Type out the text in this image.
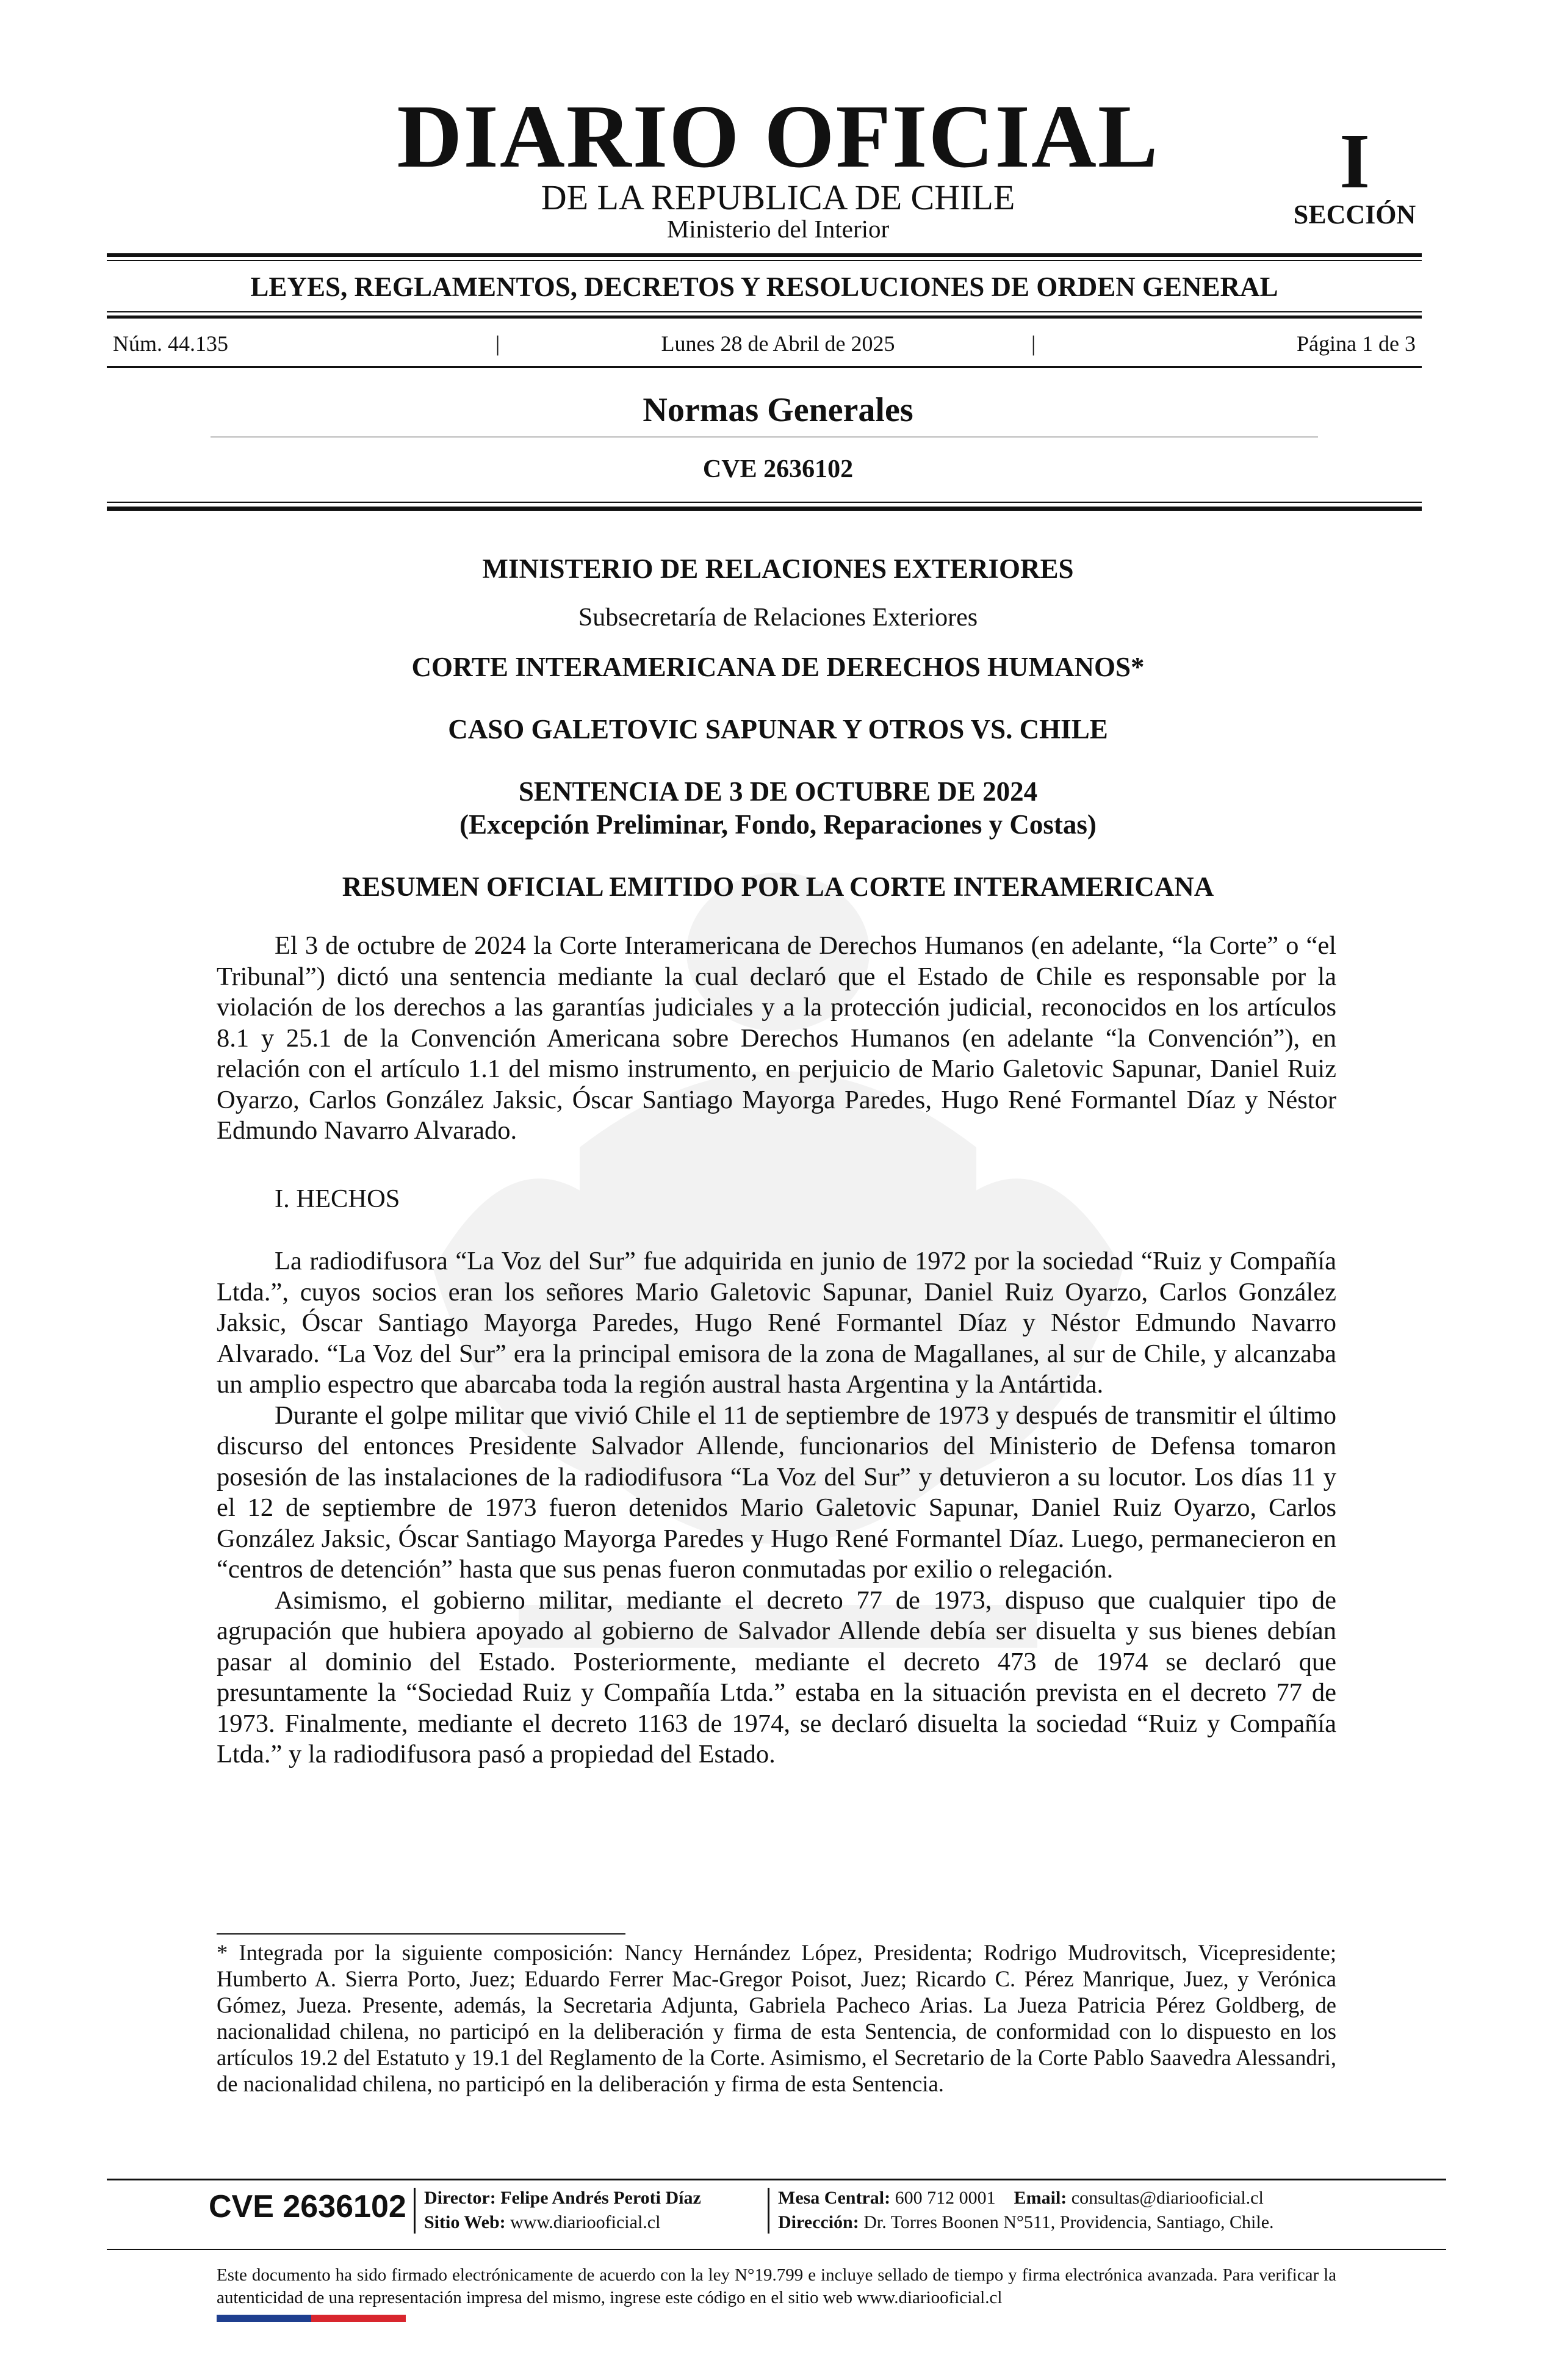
DIARIO OFICIAL
DE LA REPUBLICA DE CHILE
Ministerio del Interior
I
SECCIÓN
LEYES, REGLAMENTOS, DECRETOS Y RESOLUCIONES DE ORDEN GENERAL
Núm. 44.135	|	Lunes 28 de Abril de 2025	|	Página 1 de 3
Normas Generales
CVE 2636102
MINISTERIO DE RELACIONES EXTERIORES
Subsecretaría de Relaciones Exteriores
CORTE INTERAMERICANA DE DERECHOS HUMANOS*
CASO GALETOVIC SAPUNAR Y OTROS VS. CHILE
SENTENCIA DE 3 DE OCTUBRE DE 2024
(Excepción Preliminar, Fondo, Reparaciones y Costas)
RESUMEN OFICIAL EMITIDO POR LA CORTE INTERAMERICANA

El 3 de octubre de 2024 la Corte Interamericana de Derechos Humanos (en adelante, “la Corte” o “el Tribunal”) dictó una sentencia mediante la cual declaró que el Estado de Chile es responsable por la violación de los derechos a las garantías judiciales y a la protección judicial, reconocidos en los artículos 8.1 y 25.1 de la Convención Americana sobre Derechos Humanos (en adelante “la Convención”), en relación con el artículo 1.1 del mismo instrumento, en perjuicio de Mario Galetovic Sapunar, Daniel Ruiz Oyarzo, Carlos González Jaksic, Óscar Santiago Mayorga Paredes, Hugo René Formantel Díaz y Néstor Edmundo Navarro Alvarado.

I. HECHOS

La radiodifusora “La Voz del Sur” fue adquirida en junio de 1972 por la sociedad “Ruiz y Compañía Ltda.”, cuyos socios eran los señores Mario Galetovic Sapunar, Daniel Ruiz Oyarzo, Carlos González Jaksic, Óscar Santiago Mayorga Paredes, Hugo René Formantel Díaz y Néstor Edmundo Navarro Alvarado. “La Voz del Sur” era la principal emisora de la zona de Magallanes, al sur de Chile, y alcanzaba un amplio espectro que abarcaba toda la región austral hasta Argentina y la Antártida.

Durante el golpe militar que vivió Chile el 11 de septiembre de 1973 y después de transmitir el último discurso del entonces Presidente Salvador Allende, funcionarios del Ministerio de Defensa tomaron posesión de las instalaciones de la radiodifusora “La Voz del Sur” y detuvieron a su locutor. Los días 11 y el 12 de septiembre de 1973 fueron detenidos Mario Galetovic Sapunar, Daniel Ruiz Oyarzo, Carlos González Jaksic, Óscar Santiago Mayorga Paredes y Hugo René Formantel Díaz. Luego, permanecieron en “centros de detención” hasta que sus penas fueron conmutadas por exilio o relegación.

Asimismo, el gobierno militar, mediante el decreto 77 de 1973, dispuso que cualquier tipo de agrupación que hubiera apoyado al gobierno de Salvador Allende debía ser disuelta y sus bienes debían pasar al dominio del Estado. Posteriormente, mediante el decreto 473 de 1974 se declaró que presuntamente la “Sociedad Ruiz y Compañía Ltda.” estaba en la situación prevista en el decreto 77 de 1973. Finalmente, mediante el decreto 1163 de 1974, se declaró disuelta la sociedad “Ruiz y Compañía Ltda.” y la radiodifusora pasó a propiedad del Estado.

* Integrada por la siguiente composición: Nancy Hernández López, Presidenta; Rodrigo Mudrovitsch, Vicepresidente; Humberto A. Sierra Porto, Juez; Eduardo Ferrer Mac-Gregor Poisot, Juez; Ricardo C. Pérez Manrique, Juez, y Verónica Gómez, Jueza. Presente, además, la Secretaria Adjunta, Gabriela Pacheco Arias. La Jueza Patricia Pérez Goldberg, de nacionalidad chilena, no participó en la deliberación y firma de esta Sentencia, de conformidad con lo dispuesto en los artículos 19.2 del Estatuto y 19.1 del Reglamento de la Corte. Asimismo, el Secretario de la Corte Pablo Saavedra Alessandri, de nacionalidad chilena, no participó en la deliberación y firma de esta Sentencia.
CVE 2636102 Director: Felipe Andrés Peroti Díaz
Sitio Web: www.diariooficial.cl
Mesa Central: 600 712 0001 Email: consultas@diariooficial.cl
Dirección: Dr. Torres Boonen N°511, Providencia, Santiago, Chile.
Este documento ha sido firmado electrónicamente de acuerdo con la ley N°19.799 e incluye sellado de tiempo y firma electrónica avanzada. Para verificar la autenticidad de una representación impresa del mismo, ingrese este código en el sitio web www.diariooficial.cl
